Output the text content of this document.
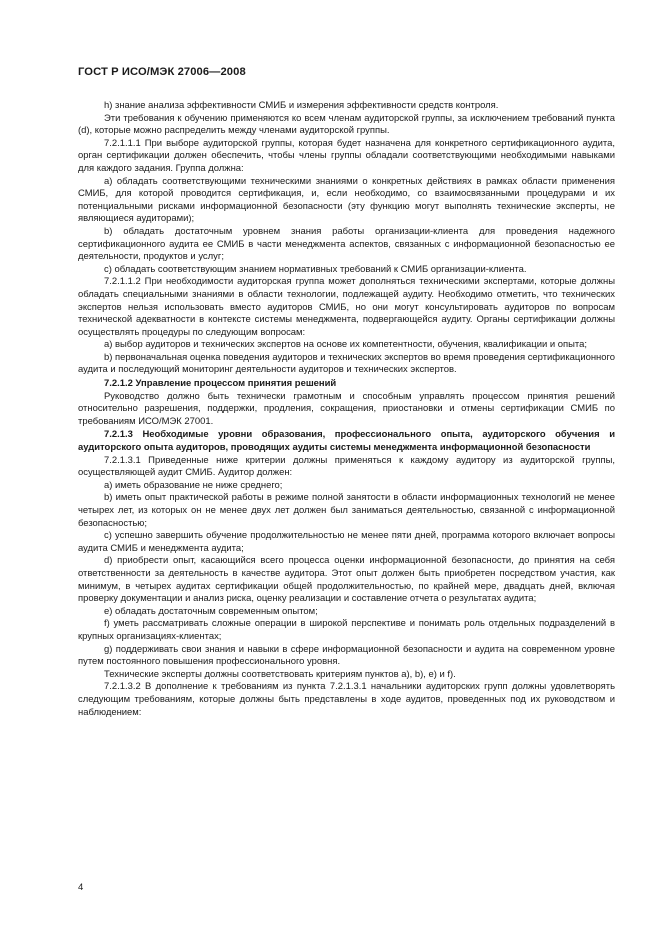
ГОСТ Р ИСО/МЭК 27006—2008

h) знание анализа эффективности СМИБ и измерения эффективности средств контроля.

Эти требования к обучению применяются ко всем членам аудиторской группы, за исключением требований пункта (d), которые можно распределить между членами аудиторской группы.

7.2.1.1.1 При выборе аудиторской группы, которая будет назначена для конкретного сертификационного аудита, орган сертификации должен обеспечить, чтобы члены группы обладали соответствующими необходимыми навыками для каждого задания. Группа должна:

a) обладать соответствующими техническими знаниями о конкретных действиях в рамках области применения СМИБ, для которой проводится сертификация, и, если необходимо, со взаимосвязанными процедурами и их потенциальными рисками информационной безопасности (эту функцию могут выполнять технические эксперты, не являющиеся аудиторами);

b) обладать достаточным уровнем знания работы организации-клиента для проведения надежного сертификационного аудита ее СМИБ в части менеджмента аспектов, связанных с информационной безопасностью ее деятельности, продуктов и услуг;

c) обладать соответствующим знанием нормативных требований к СМИБ организации-клиента.

7.2.1.1.2 При необходимости аудиторская группа может дополняться техническими экспертами, которые должны обладать специальными знаниями в области технологии, подлежащей аудиту. Необходимо отметить, что технических экспертов нельзя использовать вместо аудиторов СМИБ, но они могут консультировать аудиторов по вопросам технической адекватности в контексте системы менеджмента, подвергающейся аудиту. Органы сертификации должны осуществлять процедуры по следующим вопросам:

a) выбор аудиторов и технических экспертов на основе их компетентности, обучения, квалификации и опыта;

b) первоначальная оценка поведения аудиторов и технических экспертов во время проведения сертификационного аудита и последующий мониторинг деятельности аудиторов и технических экспертов.

7.2.1.2 Управление процессом принятия решений

Руководство должно быть технически грамотным и способным управлять процессом принятия решений относительно разрешения, поддержки, продления, сокращения, приостановки и отмены сертификации СМИБ по требованиям ИСО/МЭК 27001.

7.2.1.3 Необходимые уровни образования, профессионального опыта, аудиторского обучения и аудиторского опыта аудиторов, проводящих аудиты системы менеджмента информационной безопасности

7.2.1.3.1 Приведенные ниже критерии должны применяться к каждому аудитору из аудиторской группы, осуществляющей аудит СМИБ. Аудитор должен:

a) иметь образование не ниже среднего;

b) иметь опыт практической работы в режиме полной занятости в области информационных технологий не менее четырех лет, из которых он не менее двух лет должен был заниматься деятельностью, связанной с информационной безопасностью;

c) успешно завершить обучение продолжительностью не менее пяти дней, программа которого включает вопросы аудита СМИБ и менеджмента аудита;

d) приобрести опыт, касающийся всего процесса оценки информационной безопасности, до принятия на себя ответственности за деятельность в качестве аудитора. Этот опыт должен быть приобретен посредством участия, как минимум, в четырех аудитах сертификации общей продолжительностью, по крайней мере, двадцать дней, включая проверку документации и анализ риска, оценку реализации и составление отчета о результатах аудита;

e) обладать достаточным современным опытом;

f) уметь рассматривать сложные операции в широкой перспективе и понимать роль отдельных подразделений в крупных организациях-клиентах;

g) поддерживать свои знания и навыки в сфере информационной безопасности и аудита на современном уровне путем постоянного повышения профессионального уровня.

Технические эксперты должны соответствовать критериям пунктов a), b), e) и f).

7.2.1.3.2 В дополнение к требованиям из пункта 7.2.1.3.1 начальники аудиторских групп должны удовлетворять следующим требованиям, которые должны быть представлены в ходе аудитов, проведенных под их руководством и наблюдением:

4
